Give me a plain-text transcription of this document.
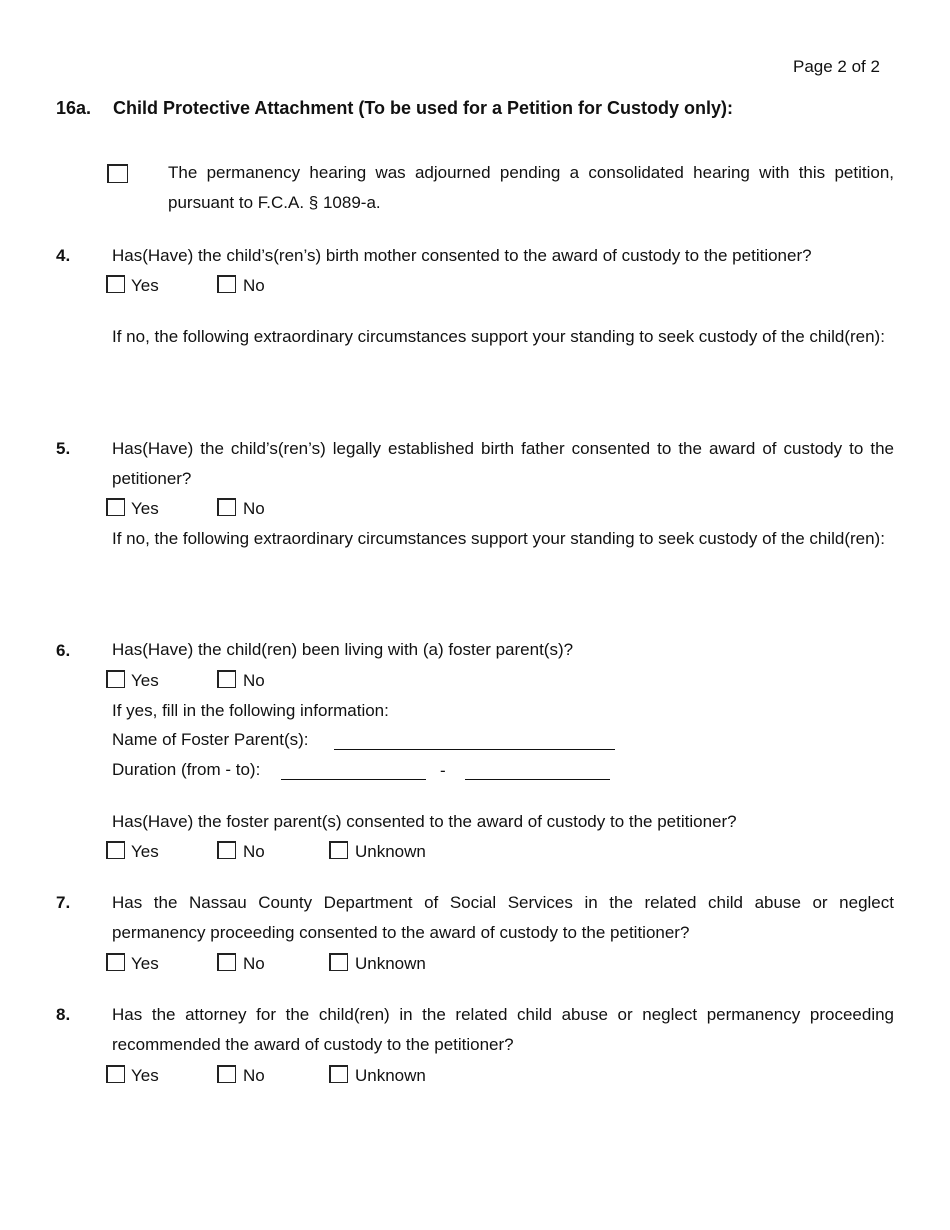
Page 2 of 2
16a. Child Protective Attachment (To be used for a Petition for Custody only):
The permanency hearing was adjourned pending a consolidated hearing with this petition, pursuant to F.C.A. § 1089-a.
4. Has(Have) the child’s(ren’s) birth mother consented to the award of custody to the petitioner?
Yes	No
If no, the following extraordinary circumstances support your standing to seek custody of the child(ren):
5. Has(Have) the child’s(ren’s) legally established birth father consented to the award of custody to the petitioner?
Yes	No
If no, the following extraordinary circumstances support your standing to seek custody of the child(ren):
6. Has(Have) the child(ren) been living with (a) foster parent(s)?
Yes	No
If yes, fill in the following information:
Name of Foster Parent(s):
Duration (from - to):	-
Has(Have) the foster parent(s) consented to the award of custody to the petitioner?
Yes	No	Unknown
7. Has the Nassau County Department of Social Services in the related child abuse or neglect permanency proceeding consented to the award of custody to the petitioner?
Yes	No	Unknown
8. Has the attorney for the child(ren) in the related child abuse or neglect permanency proceeding recommended the award of custody to the petitioner?
Yes	No	Unknown
